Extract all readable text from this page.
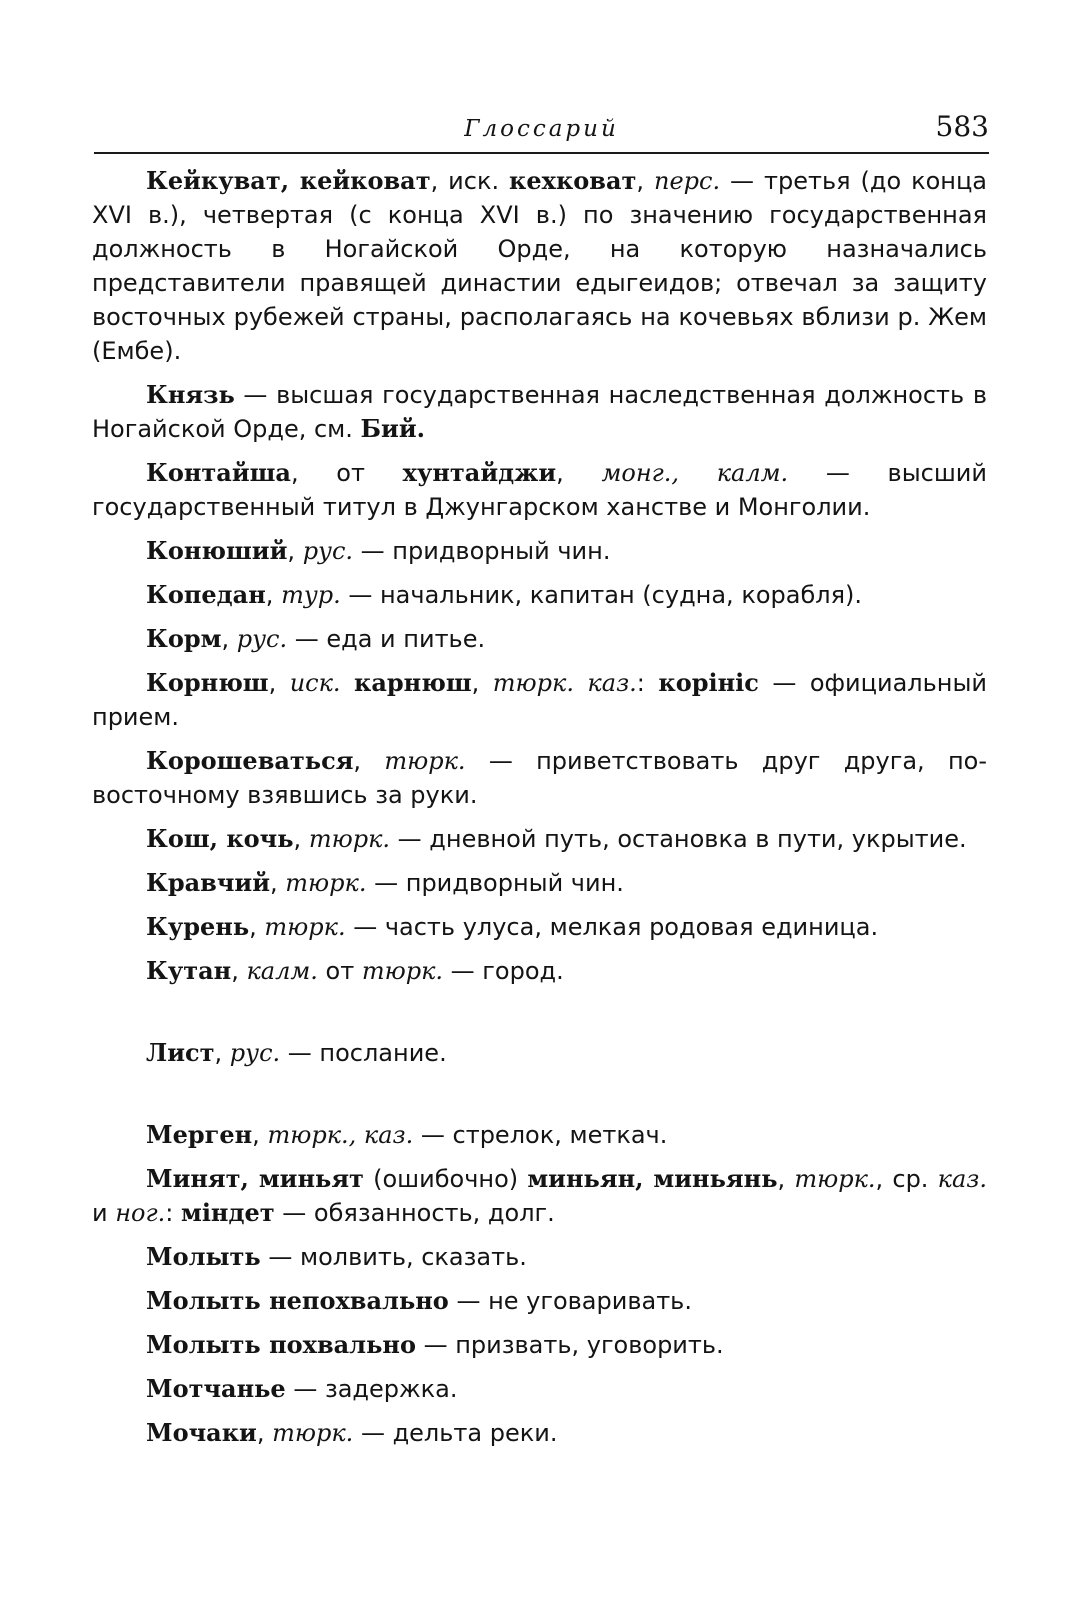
Глоссарий	583

Кейкуват, кейковат, иск. кехковат, перс. — третья (до конца XVI в.), четвертая (с конца XVI в.) по значению государственная должность в Ногайской Орде, на которую назначались представители правящей династии едыгеидов; отвечал за защиту восточных рубежей страны, располагаясь на кочевьях вблизи р. Жем (Ембе).

Князь — высшая государственная наследственная должность в Ногайской Орде, см. Бий.

Контайша, от хунтайджи, монг., калм. — высший государственный титул в Джунгарском ханстве и Монголии.

Конюший, рус. — придворный чин.

Копедан, тур. — начальник, капитан (судна, корабля).

Корм, рус. — еда и питье.

Корнюш, иск. карнюш, тюрк. каз.: корініс — официальный прием.

Корошеваться, тюрк. — приветствовать друг друга, по-восточному взявшись за руки.

Кош, кочь, тюрк. — дневной путь, остановка в пути, укрытие.

Кравчий, тюрк. — придворный чин.

Курень, тюрк. — часть улуса, мелкая родовая единица.

Кутан, калм. от тюрк. — город.

Лист, рус. — послание.

Мерген, тюрк., каз. — стрелок, меткач.

Минят, миньят (ошибочно) миньян, миньянь, тюрк., ср. каз. и ног.: міндет — обязанность, долг.

Молыть — молвить, сказать.

Молыть непохвально — не уговаривать.

Молыть похвально — призвать, уговорить.

Мотчанье — задержка.

Мочаки, тюрк. — дельта реки.
